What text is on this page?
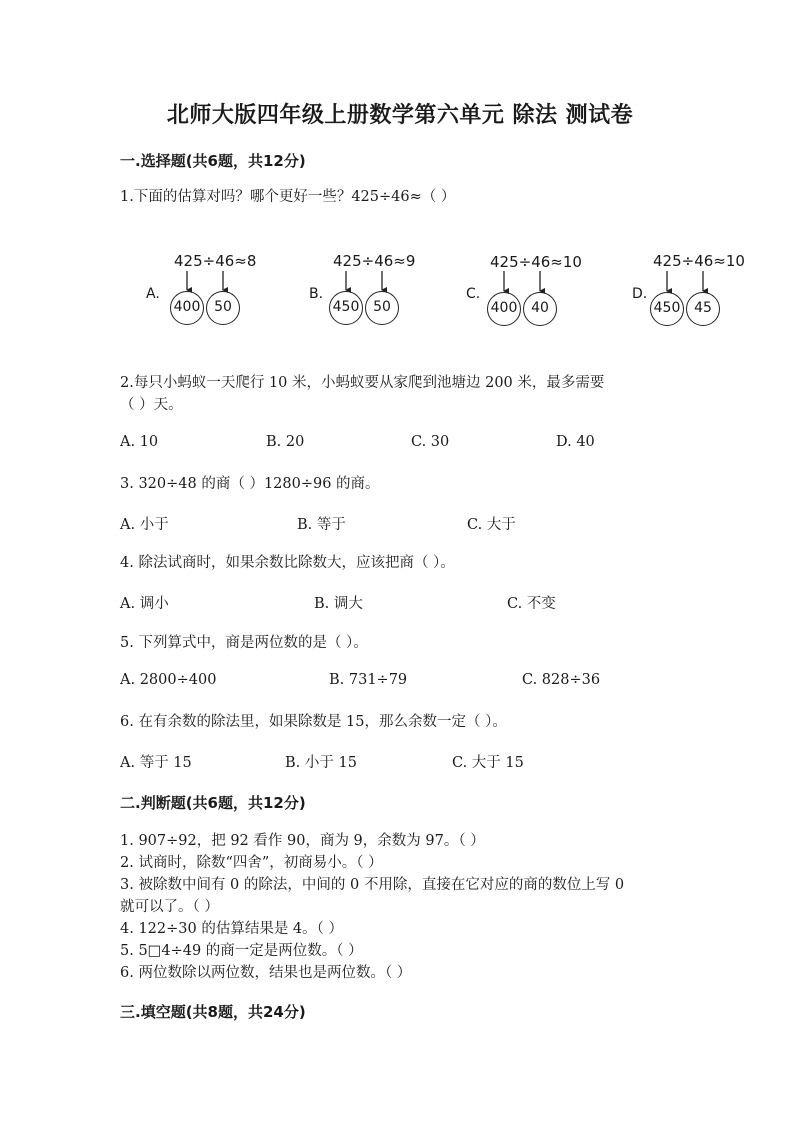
北师大版四年级上册数学第六单元 除法 测试卷
一.选择题(共6题，共12分)
1.下面的估算对吗？哪个更好一些？425÷46≈（ ）
425÷46≈8
A.
400 50
425÷46≈9
B.
450 50
425÷46≈10
C.
400 40
425÷46≈10
D.
450 45
2.每只小蚂蚁一天爬行 10 米，小蚂蚁要从家爬到池塘边 200 米，最多需要
（ ）天。
A. 10	B. 20	C. 30	D. 40
3. 320÷48 的商（ ）1280÷96 的商。
A. 小于	B. 等于	C. 大于
4. 除法试商时，如果余数比除数大，应该把商（ ）。
A. 调小	B. 调大	C. 不变
5. 下列算式中，商是两位数的是（ ）。
A. 2800÷400	B. 731÷79	C. 828÷36
6. 在有余数的除法里，如果除数是 15，那么余数一定（ ）。
A. 等于 15	B. 小于 15	C. 大于 15
二.判断题(共6题，共12分)
1. 907÷92，把 92 看作 90，商为 9，余数为 97。（ ）
2. 试商时，除数“四舍”，初商易小。（ ）
3. 被除数中间有 0 的除法，中间的 0 不用除，直接在它对应的商的数位上写 0
就可以了。（ ）
4. 122÷30 的估算结果是 4。（ ）
5. 5□4÷49 的商一定是两位数。（ ）
6. 两位数除以两位数，结果也是两位数。（ ）
三.填空题(共8题，共24分)
